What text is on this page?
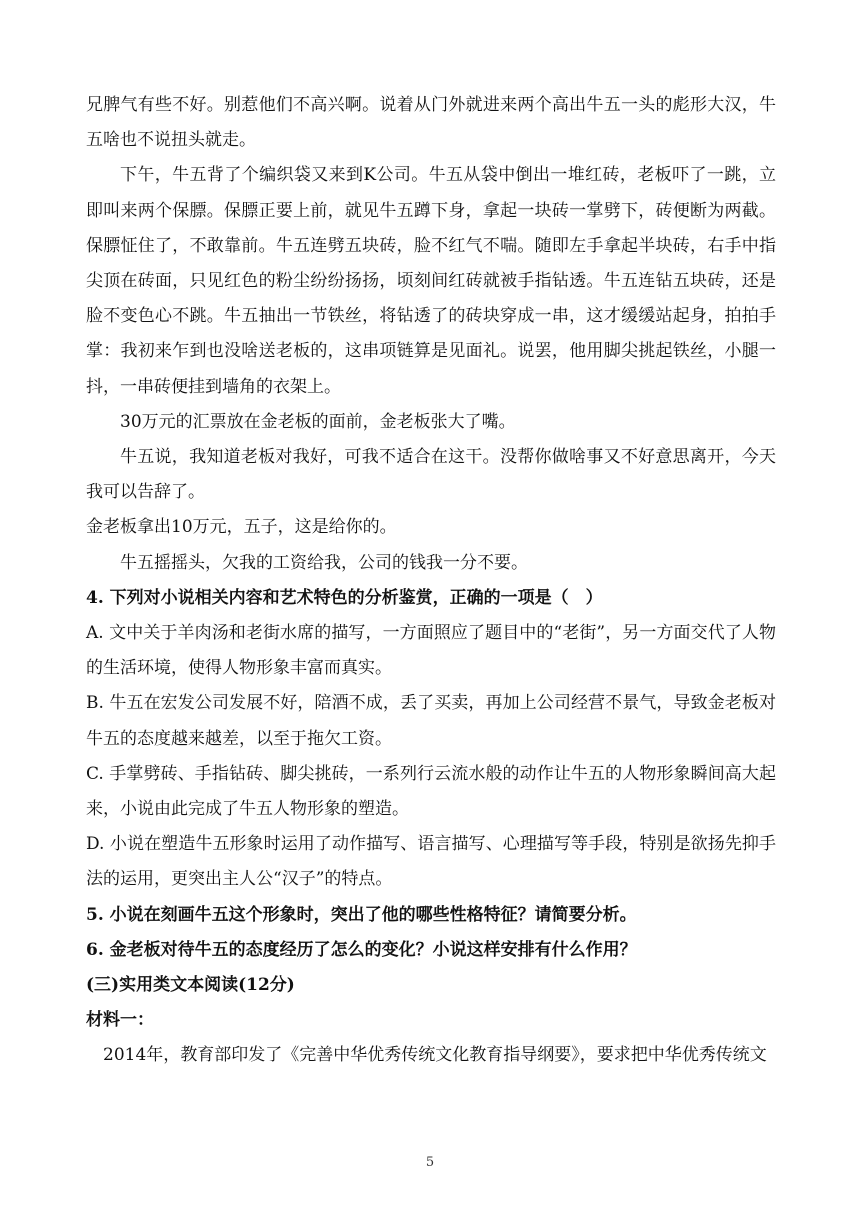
兄脾气有些不好。别惹他们不高兴啊。说着从门外就进来两个高出牛五一头的彪形大汉，牛五啥也不说扭头就走。

下午，牛五背了个编织袋又来到K公司。牛五从袋中倒出一堆红砖，老板吓了一跳，立即叫来两个保膘。保膘正要上前，就见牛五蹲下身，拿起一块砖一掌劈下，砖便断为两截。保膘怔住了，不敢靠前。牛五连劈五块砖，脸不红气不喘。随即左手拿起半块砖，右手中指尖顶在砖面，只见红色的粉尘纷纷扬扬，顷刻间红砖就被手指钻透。牛五连钻五块砖，还是脸不变色心不跳。牛五抽出一节铁丝，将钻透了的砖块穿成一串，这才缓缓站起身，拍拍手掌：我初来乍到也没啥送老板的，这串项链算是见面礼。说罢，他用脚尖挑起铁丝，小腿一抖，一串砖便挂到墙角的衣架上。

30万元的汇票放在金老板的面前，金老板张大了嘴。

牛五说，我知道老板对我好，可我不适合在这干。没帮你做啥事又不好意思离开，今天我可以告辞了。

金老板拿出10万元，五子，这是给你的。

牛五摇摇头，欠我的工资给我，公司的钱我一分不要。

4. 下列对小说相关内容和艺术特色的分析鉴赏，正确的一项是（　）

A. 文中关于羊肉汤和老街水席的描写，一方面照应了题目中的“老街”，另一方面交代了人物的生活环境，使得人物形象丰富而真实。

B. 牛五在宏发公司发展不好，陪酒不成，丢了买卖，再加上公司经营不景气，导致金老板对牛五的态度越来越差，以至于拖欠工资。

C. 手掌劈砖、手指钻砖、脚尖挑砖，一系列行云流水般的动作让牛五的人物形象瞬间高大起来，小说由此完成了牛五人物形象的塑造。

D. 小说在塑造牛五形象时运用了动作描写、语言描写、心理描写等手段，特别是欲扬先抑手法的运用，更突出主人公“汉子”的特点。

5. 小说在刻画牛五这个形象时，突出了他的哪些性格特征？请简要分析。

6. 金老板对待牛五的态度经历了怎么的变化？小说这样安排有什么作用？

(三)实用类文本阅读(12分)

材料一：

2014年，教育部印发了《完善中华优秀传统文化教育指导纲要》，要求把中华优秀传统文

5
